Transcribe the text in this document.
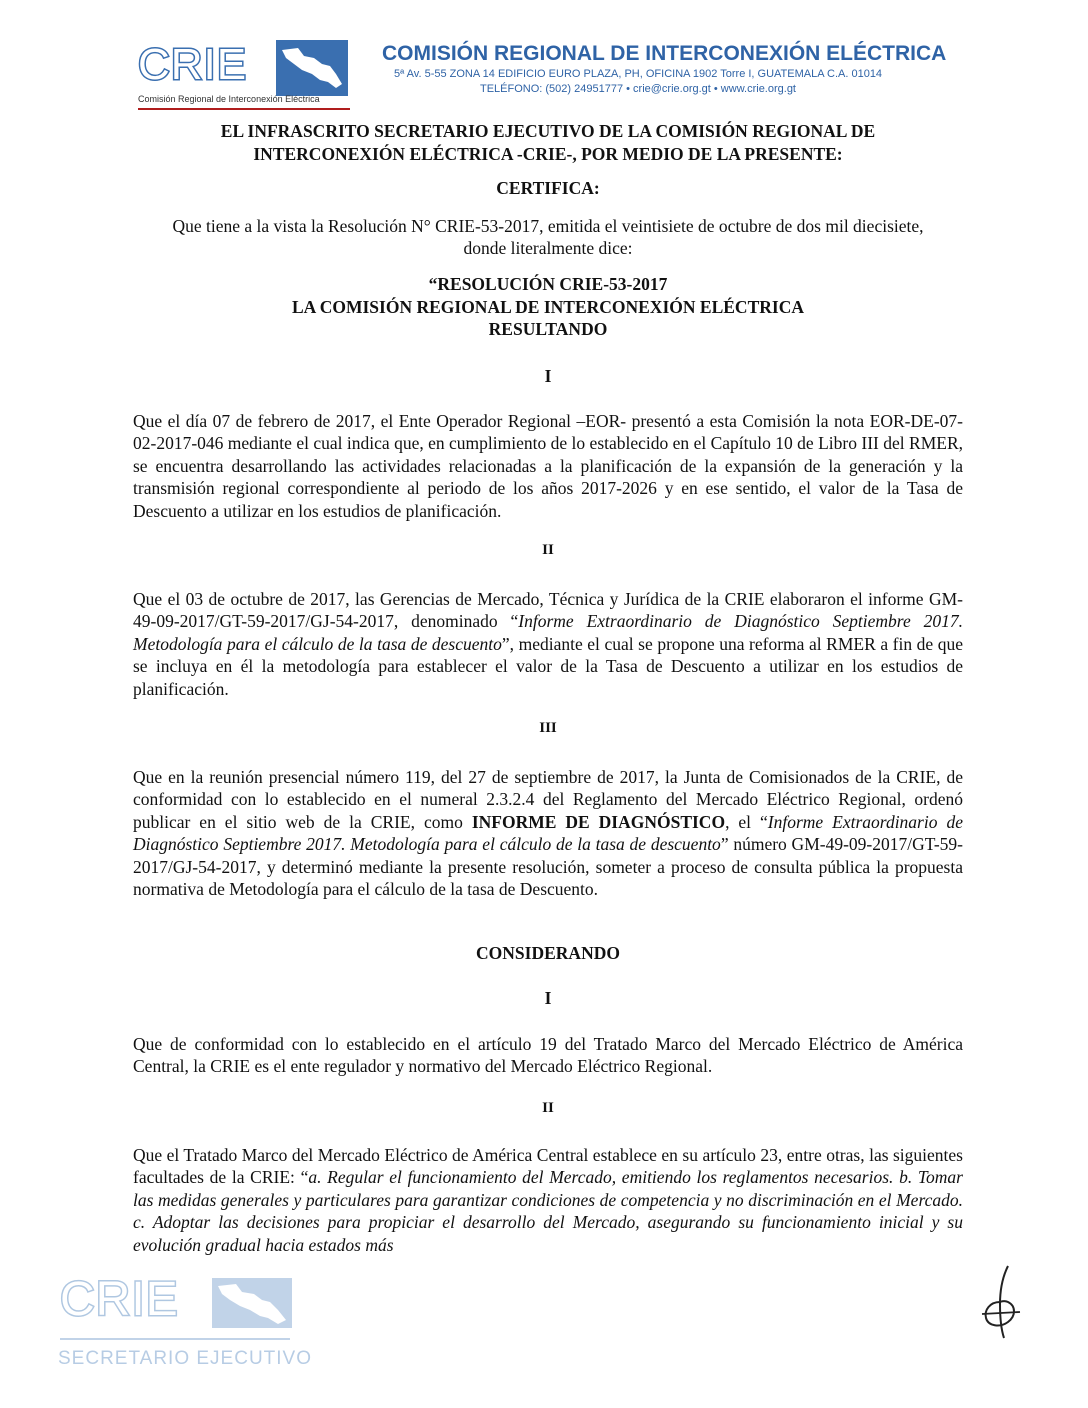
CRIE
Comisión Regional de Interconexión Eléctrica
COMISIÓN REGIONAL DE INTERCONEXIÓN ELÉCTRICA
5ª Av. 5-55 ZONA 14 EDIFICIO EURO PLAZA, PH, OFICINA 1902 Torre I, GUATEMALA C.A. 01014
TELÉFONO: (502) 24951777 • crie@crie.org.gt • www.crie.org.gt

EL INFRASCRITO SECRETARIO EJECUTIVO DE LA COMISIÓN REGIONAL DE

INTERCONEXIÓN ELÉCTRICA -CRIE-, POR MEDIO DE LA PRESENTE:

CERTIFICA:

Que tiene a la vista la Resolución N° CRIE-53-2017, emitida el veintisiete de octubre de dos mil diecisiete,

donde literalmente dice:

“RESOLUCIÓN CRIE-53-2017

LA COMISIÓN REGIONAL DE INTERCONEXIÓN ELÉCTRICA

RESULTANDO

I

Que el día 07 de febrero de 2017, el Ente Operador Regional –EOR- presentó a esta Comisión la nota EOR-DE-07-02-2017-046 mediante el cual indica que, en cumplimiento de lo establecido en el Capítulo 10 de Libro III del RMER, se encuentra desarrollando las actividades relacionadas a la planificación de la expansión de la generación y la transmisión regional correspondiente al periodo de los años 2017-2026 y en ese sentido, el valor de la Tasa de Descuento a utilizar en los estudios de planificación.

II

Que el 03 de octubre de 2017, las Gerencias de Mercado, Técnica y Jurídica de la CRIE elaboraron el informe GM-49-09-2017/GT-59-2017/GJ-54-2017, denominado “Informe Extraordinario de Diagnóstico Septiembre 2017. Metodología para el cálculo de la tasa de descuento”, mediante el cual se propone una reforma al RMER a fin de que se incluya en él la metodología para establecer el valor de la Tasa de Descuento a utilizar en los estudios de planificación.

III

Que en la reunión presencial número 119, del 27 de septiembre de 2017, la Junta de Comisionados de la CRIE, de conformidad con lo establecido en el numeral 2.3.2.4 del Reglamento del Mercado Eléctrico Regional, ordenó publicar en el sitio web de la CRIE, como INFORME DE DIAGNÓSTICO, el “Informe Extraordinario de Diagnóstico Septiembre 2017. Metodología para el cálculo de la tasa de descuento” número GM-49-09-2017/GT-59-2017/GJ-54-2017, y determinó mediante la presente resolución, someter a proceso de consulta pública la propuesta normativa de Metodología para el cálculo de la tasa de Descuento.

CONSIDERANDO
I

Que de conformidad con lo establecido en el artículo 19 del Tratado Marco del Mercado Eléctrico de América Central, la CRIE es el ente regulador y normativo del Mercado Eléctrico Regional.

II

Que el Tratado Marco del Mercado Eléctrico de América Central establece en su artículo 23, entre otras, las siguientes facultades de la CRIE: “a. Regular el funcionamiento del Mercado, emitiendo los reglamentos necesarios. b. Tomar las medidas generales y particulares para garantizar condiciones de competencia y no discriminación en el Mercado. c. Adoptar las decisiones para propiciar el desarrollo del Mercado, asegurando su funcionamiento inicial y su evolución gradual hacia estados más

CRIE
SECRETARIO EJECUTIVO
